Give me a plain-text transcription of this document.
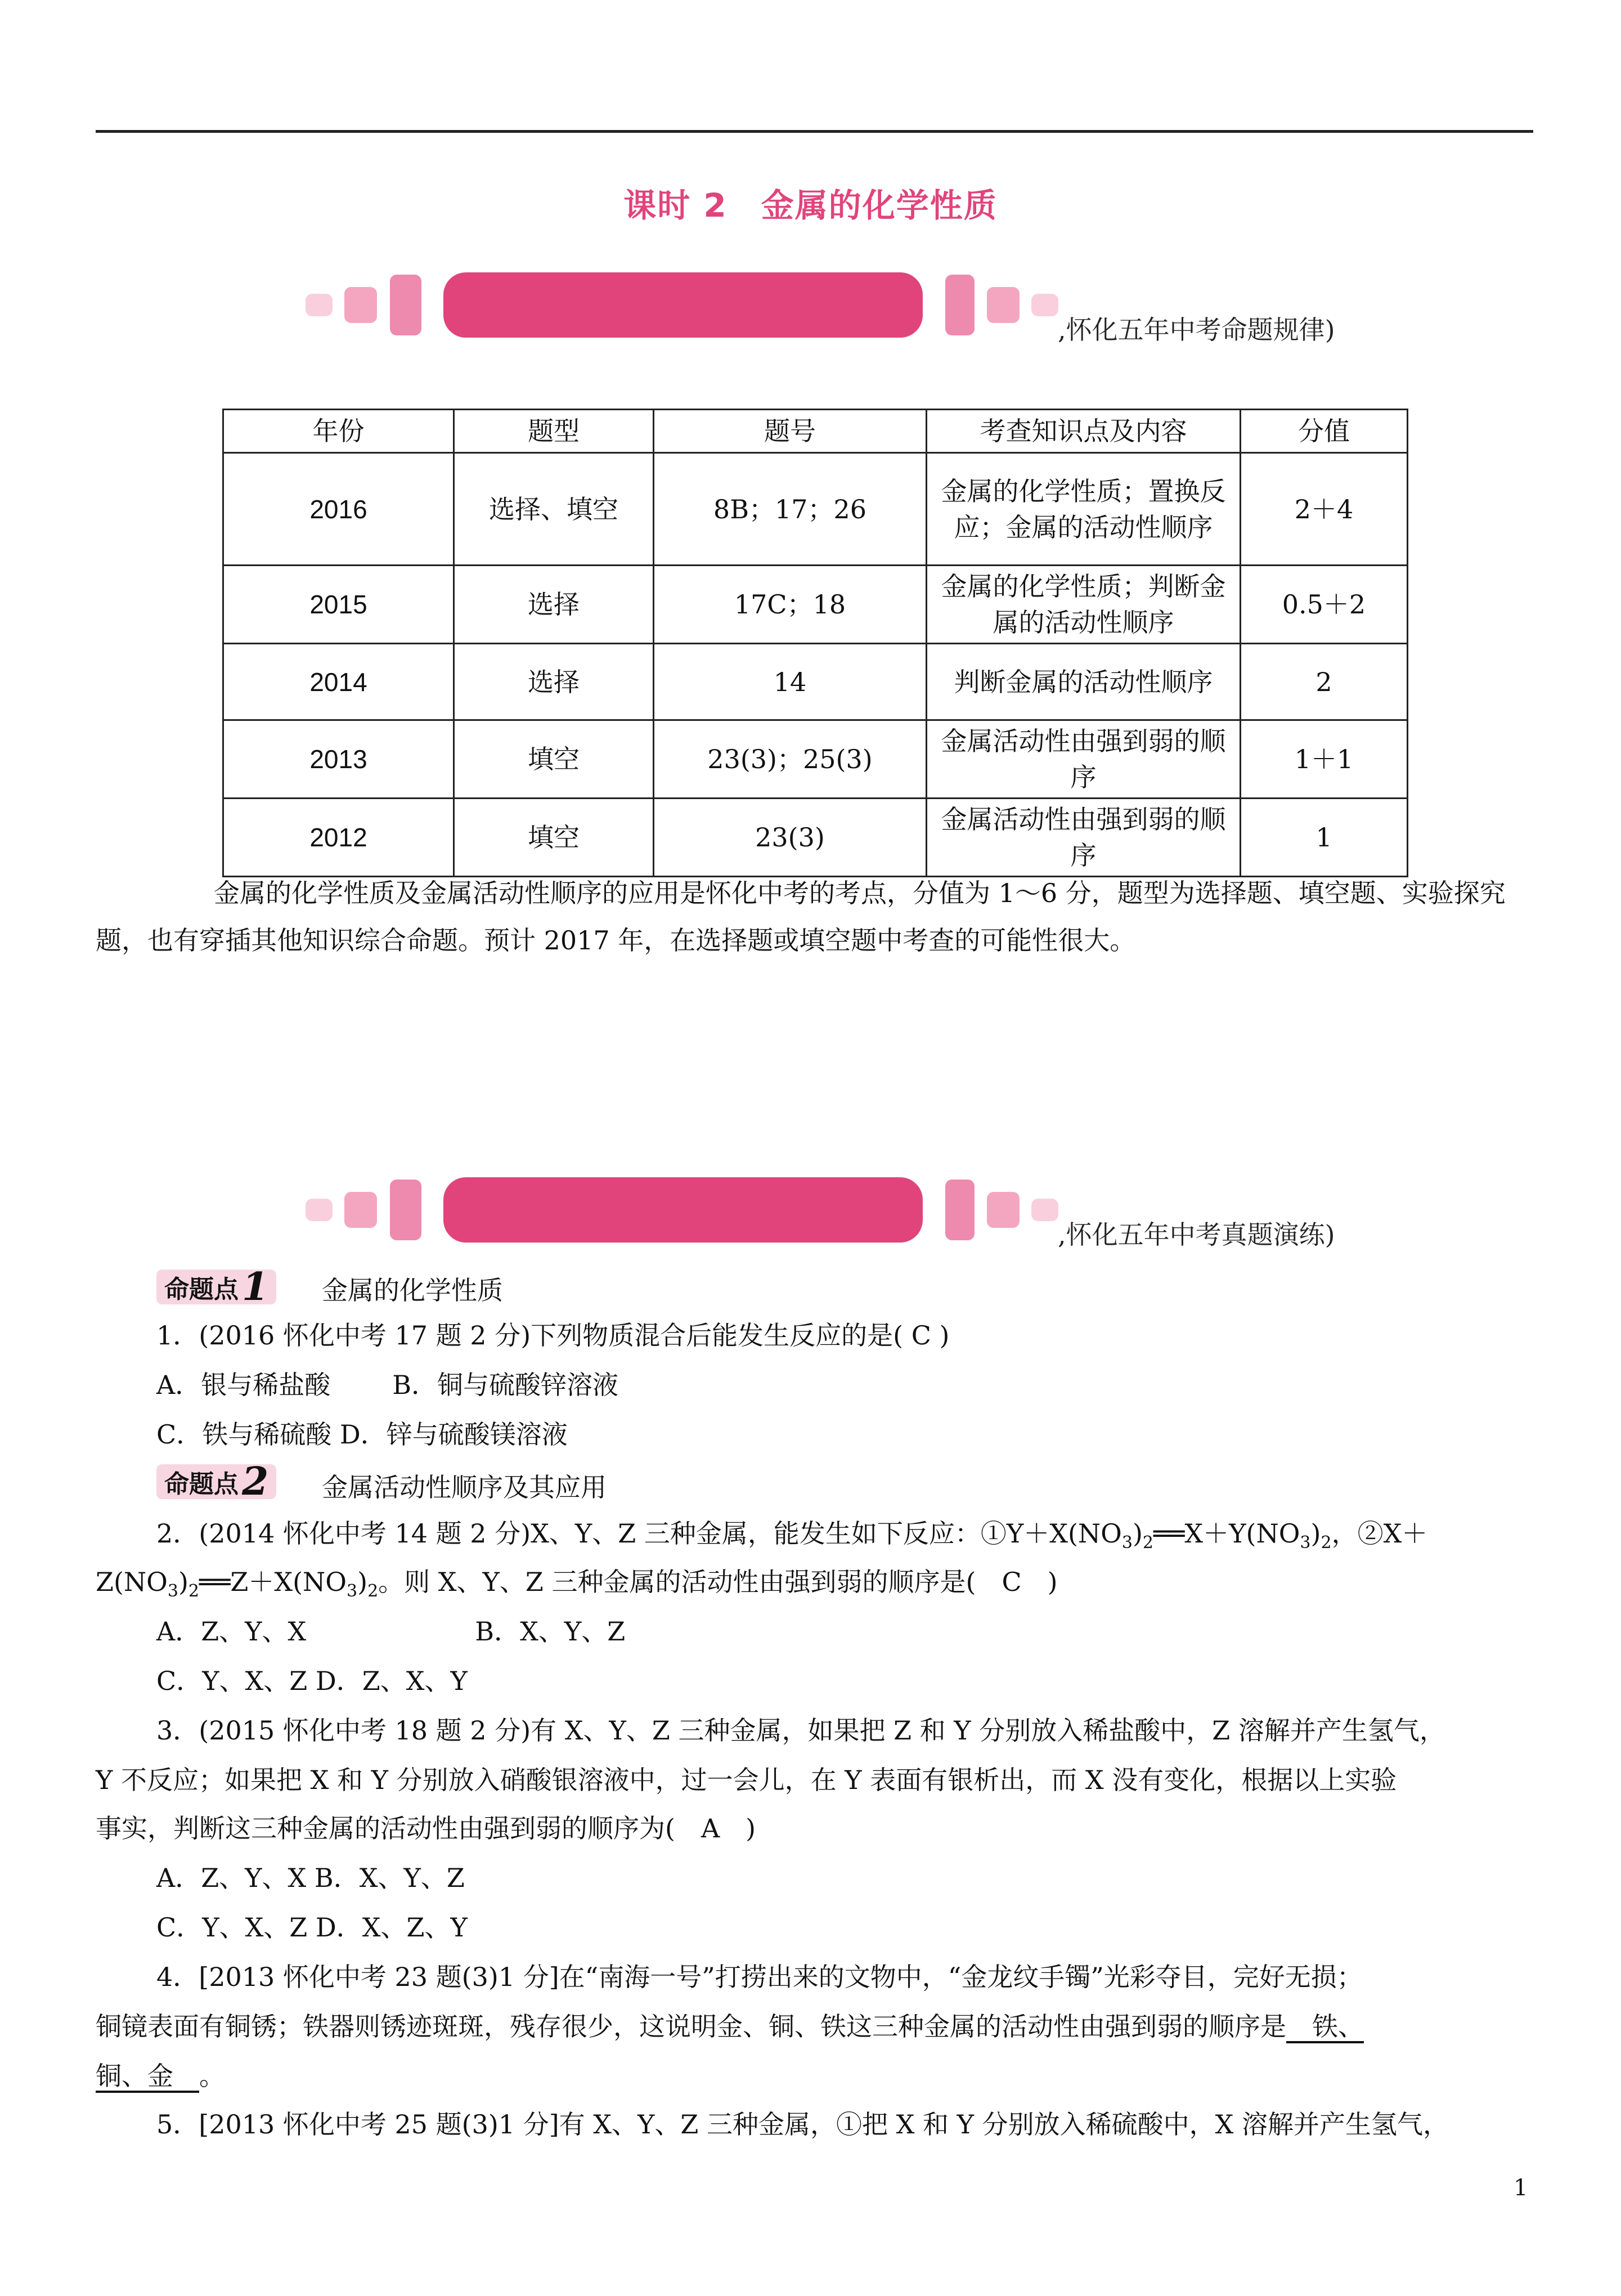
课时 2　金属的化学性质
,怀化五年中考命题规律)
年份	题型	题号	考查知识点及内容	分值
2016	选择、填空	8B；17；26	金属的化学性质；置换反应；金属的活动性顺序	2＋4
2015	选择	17C；18	金属的化学性质；判断金属的活动性顺序	0.5＋2
2014	选择	14	判断金属的活动性顺序	2
2013	填空	23(3)；25(3)	金属活动性由强到弱的顺序	1＋1
2012	填空	23(3)	金属活动性由强到弱的顺序	1
金属的化学性质及金属活动性顺序的应用是怀化中考的考点，分值为 1～6 分，题型为选择题、填空题、实验探究题，也有穿插其他知识综合命题。预计 2017 年，在选择题或填空题中考查的可能性很大。
,怀化五年中考真题演练)
命题点1	金属的化学性质
1．(2016 怀化中考 17 题 2 分)下列物质混合后能发生反应的是( C )
A．银与稀盐酸 B．铜与硫酸锌溶液
C．铁与稀硫酸 D．锌与硫酸镁溶液
命题点2	金属活动性顺序及其应用
2．(2014 怀化中考 14 题 2 分)X、Y、Z 三种金属，能发生如下反应：$①Y+X(NO_3)_2══X+Y(NO_3)_2$，②X＋
$Z(NO_3)_2══Z+X(NO_3)_2$。则 X、Y、Z 三种金属的活动性由强到弱的顺序是(　C　)
A．Z、Y、X	B．X、Y、Z
C．Y、X、Z D．Z、X、Y
3．(2015 怀化中考 18 题 2 分)有 X、Y、Z 三种金属，如果把 Z 和 Y 分别放入稀盐酸中，Z 溶解并产生氢气，
Y 不反应；如果把 X 和 Y 分别放入硝酸银溶液中，过一会儿，在 Y 表面有银析出，而 X 没有变化，根据以上实验
事实，判断这三种金属的活动性由强到弱的顺序为(　A　)
A．Z、Y、X B．X、Y、Z
C．Y、X、Z D．X、Z、Y
4．[2013 怀化中考 23 题(3)1 分]在“南海一号”打捞出来的文物中，“金龙纹手镯”光彩夺目，完好无损；
铜镜表面有铜锈；铁器则锈迹斑斑，残存很少，这说明金、铜、铁这三种金属的活动性由强到弱的顺序是　铁、
铜、金　。
5．[2013 怀化中考 25 题(3)1 分]有 X、Y、Z 三种金属，①把 X 和 Y 分别放入稀硫酸中，X 溶解并产生氢气，
1
